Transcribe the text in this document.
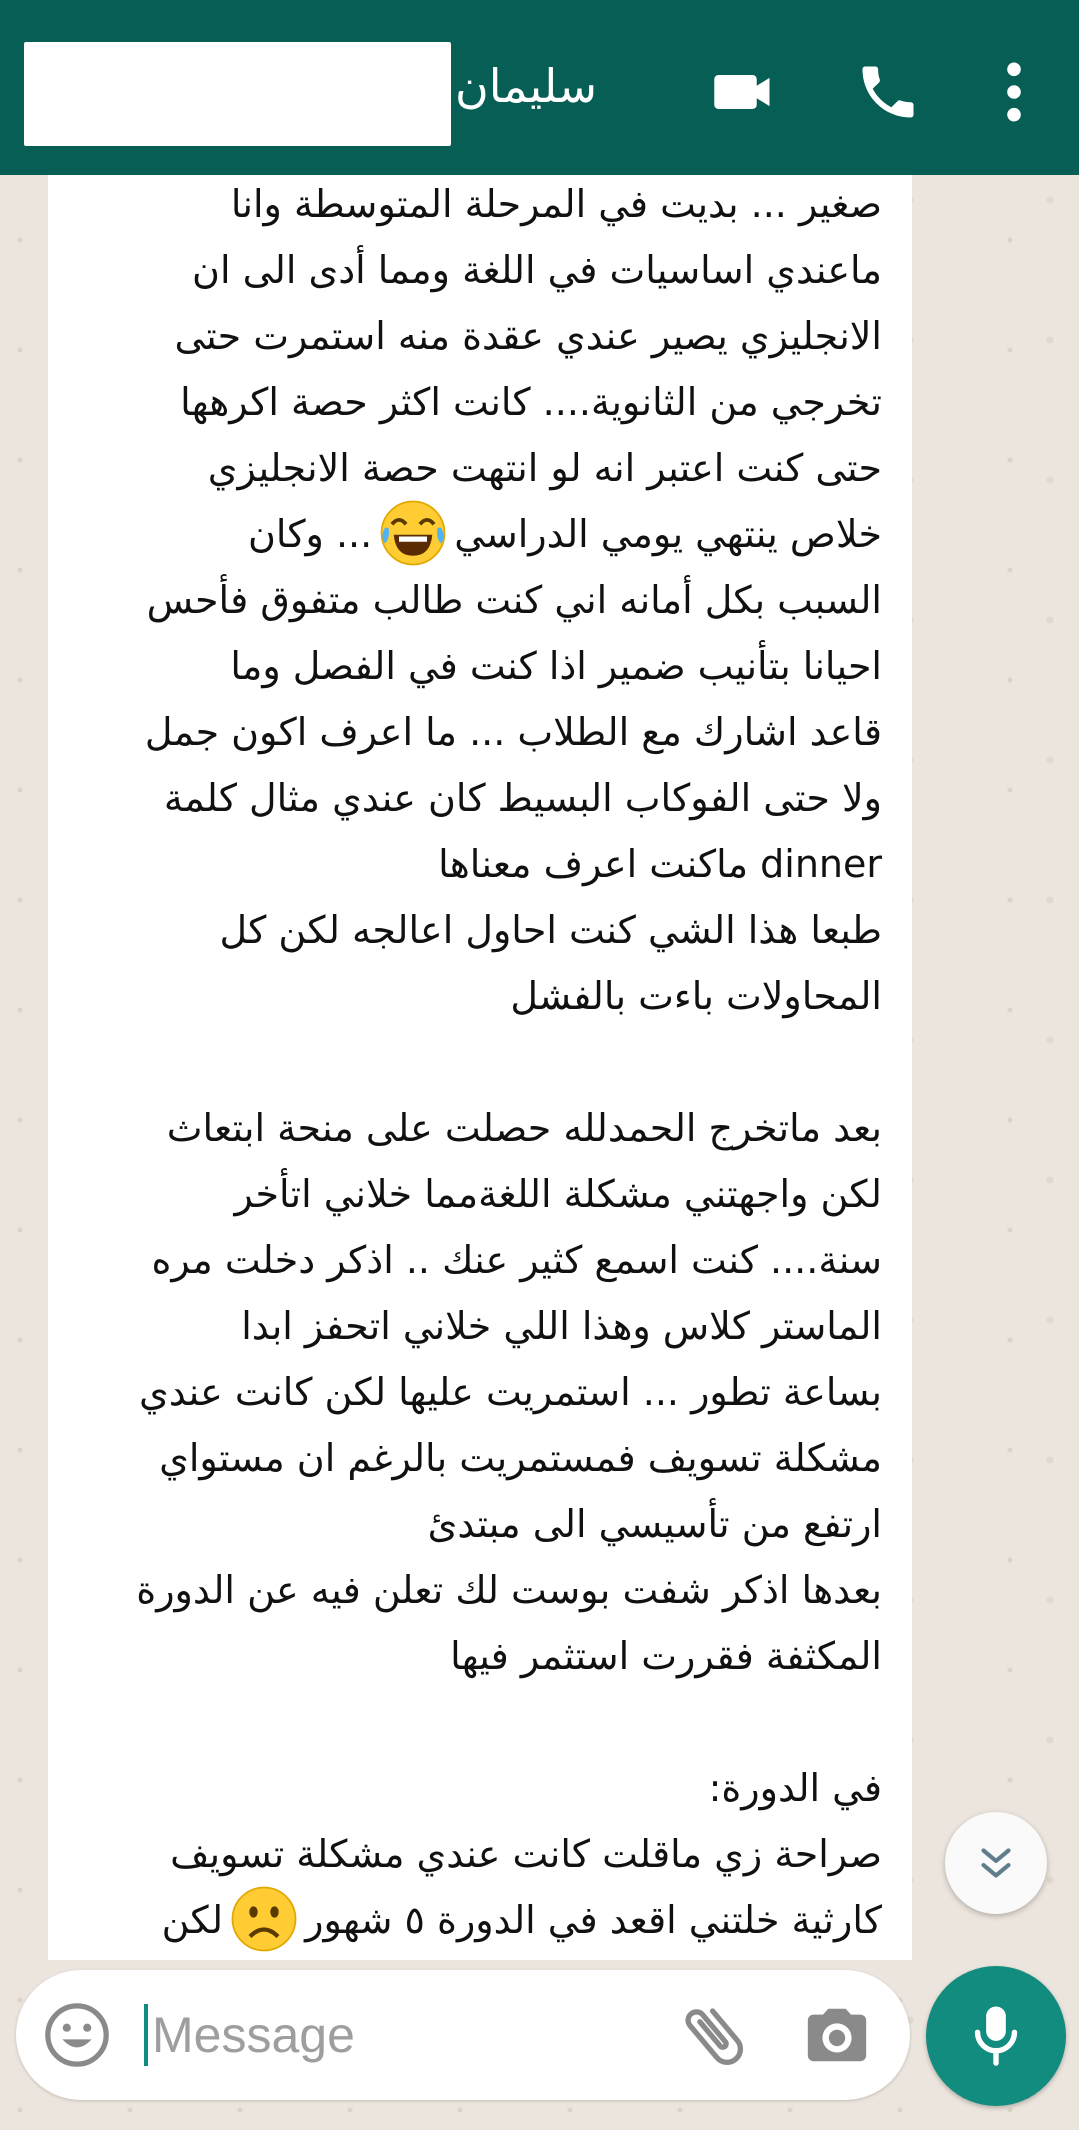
سليمان
صغير ... بديت في المرحلة المتوسطة وانا
ماعندي اساسيات في اللغة ومما أدى الى ان
الانجليزي يصير عندي عقدة منه استمرت حتى
تخرجي من الثانوية.... كانت اكثر حصة اكرهها
حتى كنت اعتبر انه لو انتهت حصة الانجليزي
خلاص ينتهي يومي الدراسي... وكان
السبب بكل أمانه اني كنت طالب متفوق فأحس
احيانا بتأنيب ضمير اذا كنت في الفصل وما
قاعد اشارك مع الطلاب ... ما اعرف اكون جمل
ولا حتى الفوكاب البسيط كان عندي مثال كلمة
dinner ماكنت اعرف معناها
طبعا هذا الشي كنت احاول اعالجه لكن كل
المحاولات باءت بالفشل
بعد ماتخرج الحمدلله حصلت على منحة ابتعاث
لكن واجهتني مشكلة اللغةمما خلاني اتأخر
سنة.... كنت اسمع كثير عنك .. اذكر دخلت مره
الماستر كلاس وهذا اللي خلاني اتحفز ابدا
بساعة تطور ... استمريت عليها لكن كانت عندي
مشكلة تسويف فمستمريت بالرغم ان مستواي
ارتفع من تأسيسي الى مبتدئ
بعدها اذكر شفت بوست لك تعلن فيه عن الدورة
المكثفة فقررت استثمر فيها
في الدورة:
صراحة زي ماقلت كانت عندي مشكلة تسويف
كارثية خلتني اقعد في الدورة ٥ شهورلكن
Message
